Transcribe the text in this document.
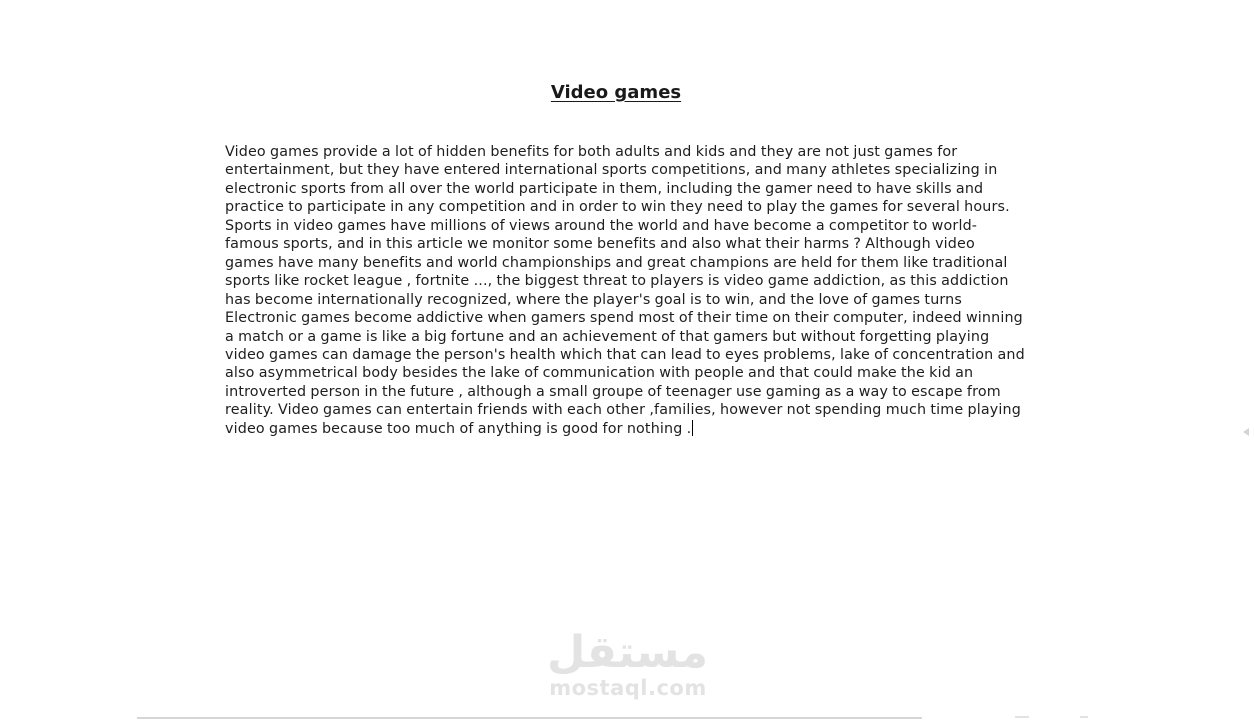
Video games

Video games provide a lot of hidden benefits for both adults and kids and they are not just games for entertainment, but they have entered international sports competitions, and many athletes specializing in electronic sports from all over the world participate in them, including the gamer need to have skills and practice to participate in any competition and in order to win they need to play the games for several hours. Sports in video games have millions of views around the world and have become a competitor to world-famous sports, and in this article we monitor some benefits and also what their harms ? Although video games have many benefits and world championships and great champions are held for them like traditional sports like rocket league , fortnite ..., the biggest threat to players is video game addiction, as this addiction has become internationally recognized, where the player's goal is to win, and the love of games turns Electronic games become addictive when gamers spend most of their time on their computer, indeed winning a match or a game is like a big fortune and an achievement of that gamers but without forgetting playing video games can damage the person's health which that can lead to eyes problems, lake of concentration and also asymmetrical body besides the lake of communication with people and that could make the kid an introverted person in the future , although a small groupe of teenager use gaming as a way to escape from reality. Video games can entertain friends with each other ,families, however not spending much time playing video games because too much of anything is good for nothing .

مستقل
mostaql.com
